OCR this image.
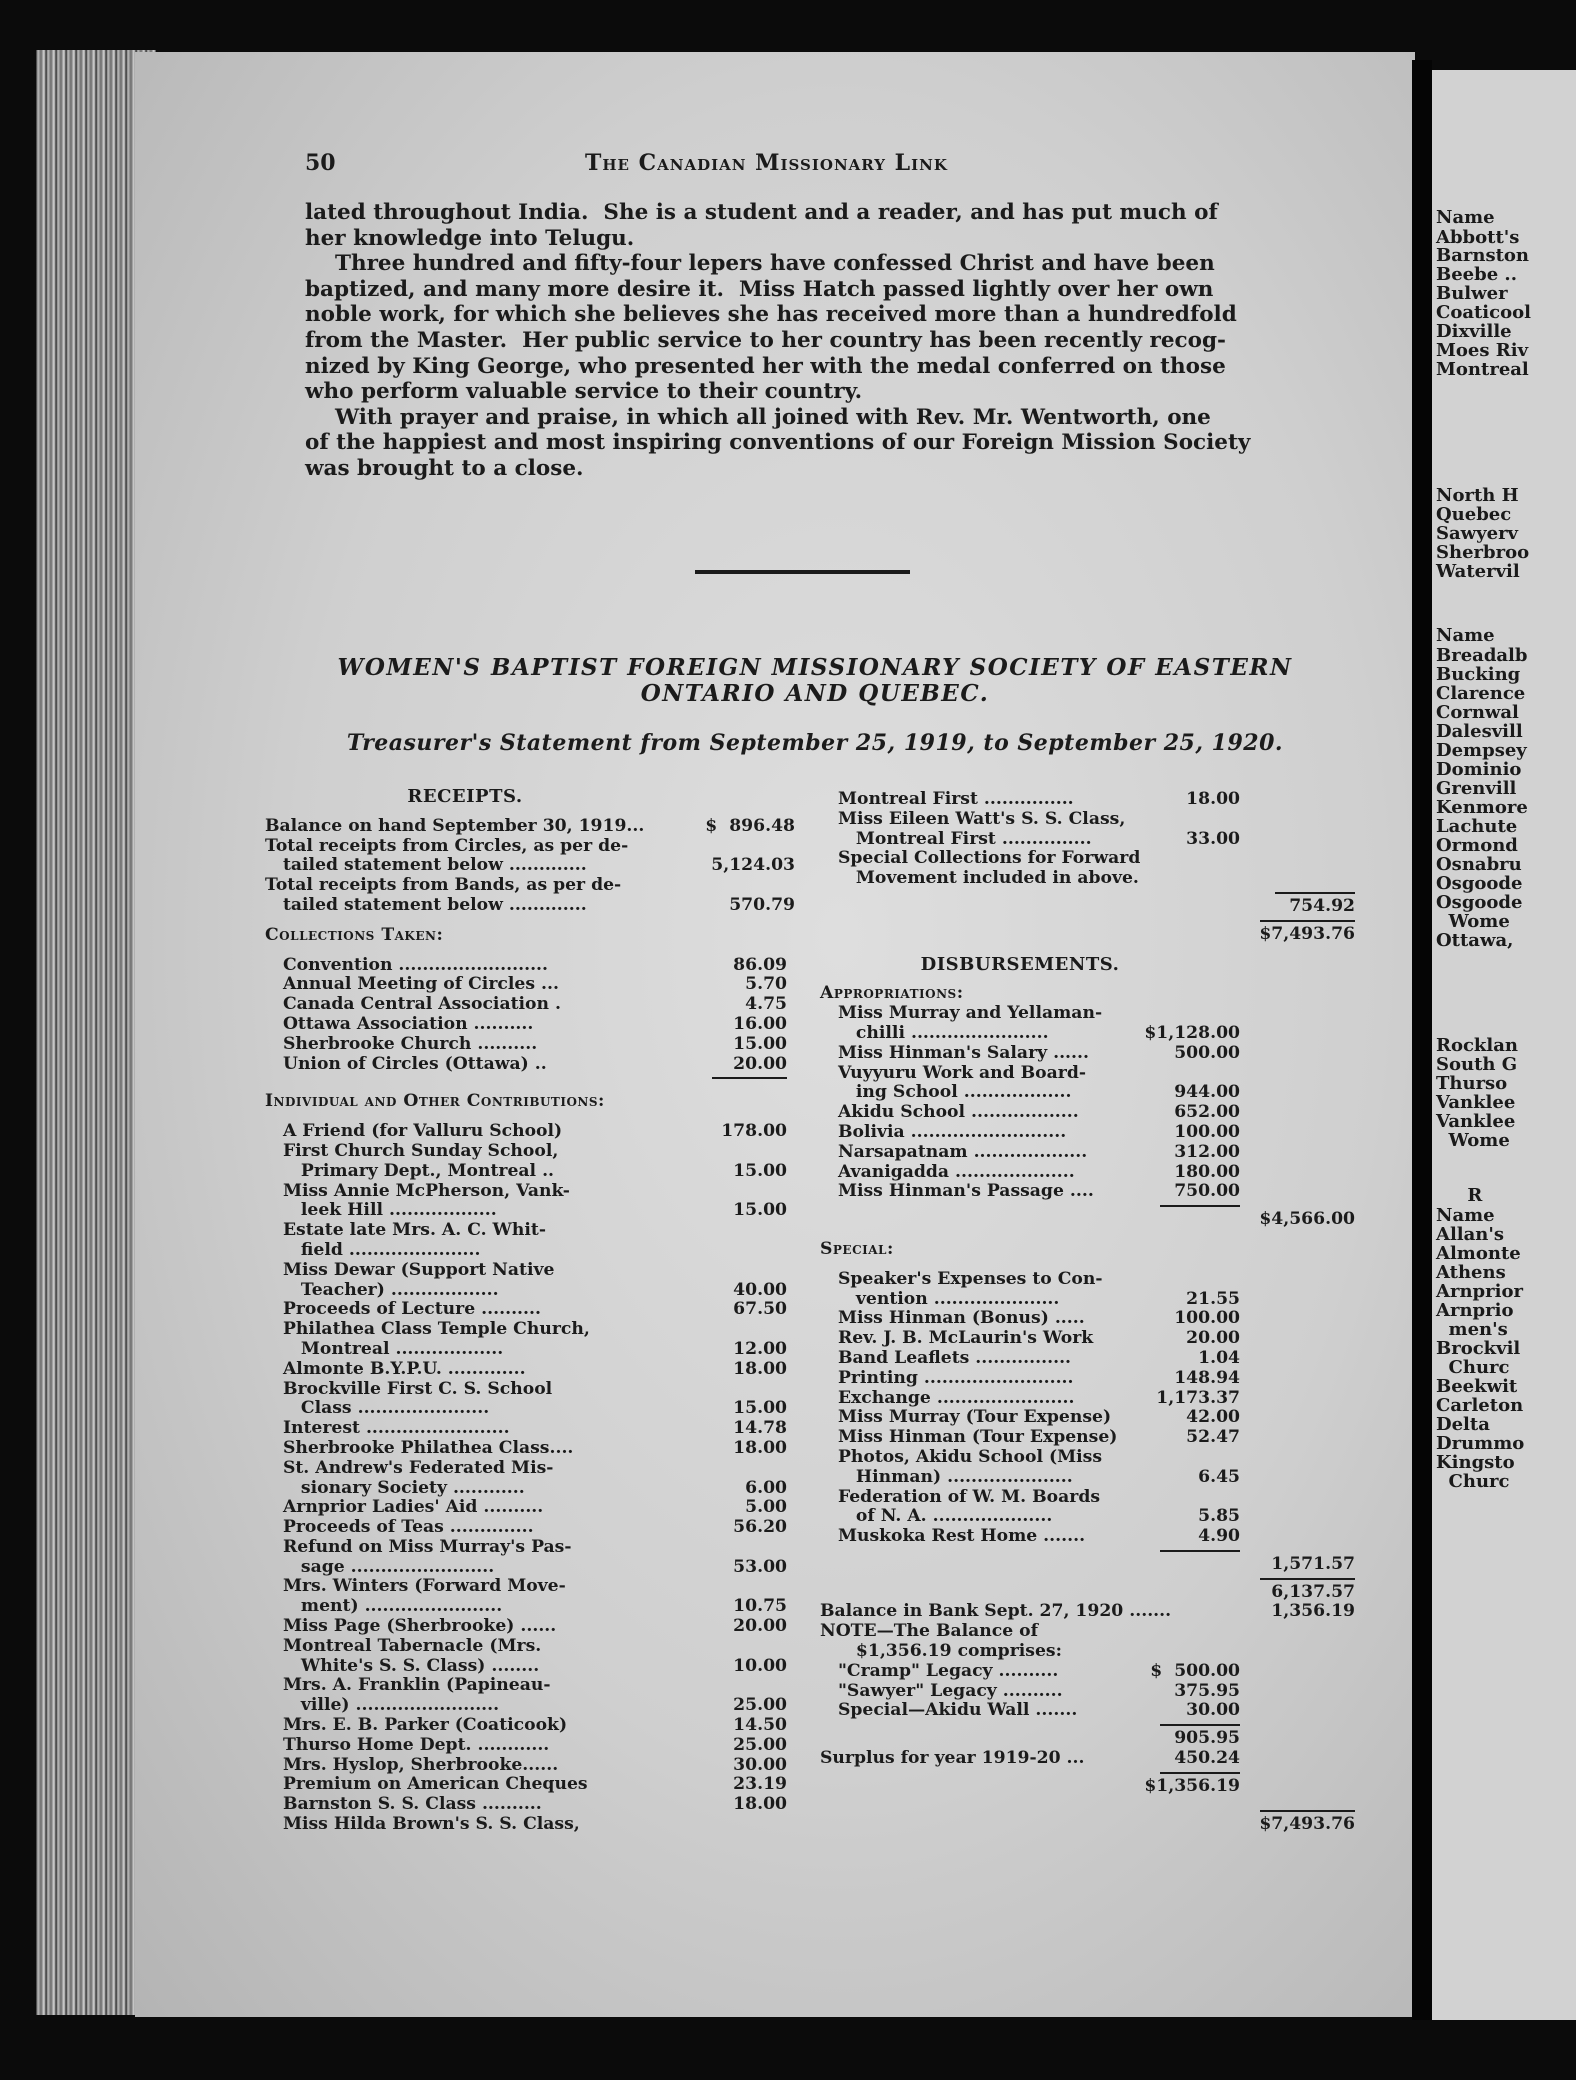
Name
Abbott's
Barnston
Beebe ..
Bulwer
Coaticool
Dixville
Moes Riv
Montreal
North H
Quebec
Sawyerv
Sherbroo
Watervil
Name
Breadalb
Bucking
Clarence
Cornwal
Dalesvill
Dempsey
Dominio
Grenvill
Kenmore
Lachute
Ormond
Osnabru
Osgoode
Osgoode
Wome
Ottawa,
Rocklan
South G
Thurso
Vanklee
Vanklee
Wome
R
Name
Allan's
Almonte
Athens
Arnprior
Arnprio
men's
Brockvil
Churc
Beekwit
Carleton
Delta
Drummo
Kingsto
Churc
50	The Canadian Missionary Link
lated throughout India.  She is a student and a reader, and has put much of
her knowledge into Telugu.
Three hundred and fifty-four lepers have confessed Christ and have been
baptized, and many more desire it.  Miss Hatch passed lightly over her own
noble work, for which she believes she has received more than a hundredfold
from the Master.  Her public service to her country has been recently recog-
nized by King George, who presented her with the medal conferred on those
who perform valuable service to their country.
With prayer and praise, in which all joined with Rev. Mr. Wentworth, one
of the happiest and most inspiring conventions of our Foreign Mission Society
was brought to a close.
WOMEN'S BAPTIST FOREIGN MISSIONARY SOCIETY OF EASTERN
ONTARIO AND QUEBEC.
Treasurer's Statement from September 25, 1919, to September 25, 1920.
RECEIPTS.
Balance on hand September 30, 1919...	$  896.48
Total receipts from Circles, as per de-
tailed statement below .............	5,124.03
Total receipts from Bands, as per de-
tailed statement below .............	570.79
Collections Taken:
Convention .........................	86.09
Annual Meeting of Circles ...	5.70
Canada Central Association .	4.75
Ottawa Association ..........	16.00
Sherbrooke Church ..........	15.00
Union of Circles (Ottawa) ..	20.00
Individual and Other Contributions:
A Friend (for Valluru School)	178.00
First Church Sunday School,
Primary Dept., Montreal ..	15.00
Miss Annie McPherson, Vank-
leek Hill ..................	15.00
Estate late Mrs. A. C. Whit-
field ......................
Miss Dewar (Support Native
Teacher) ..................	40.00
Proceeds of Lecture ..........	67.50
Philathea Class Temple Church,
Montreal ..................	12.00
Almonte B.Y.P.U. .............	18.00
Brockville First C. S. School
Class ......................	15.00
Interest ........................	14.78
Sherbrooke Philathea Class....	18.00
St. Andrew's Federated Mis-
sionary Society ............	6.00
Arnprior Ladies' Aid ..........	5.00
Proceeds of Teas ..............	56.20
Refund on Miss Murray's Pas-
sage ........................	53.00
Mrs. Winters (Forward Move-
ment) .......................	10.75
Miss Page (Sherbrooke) ......	20.00
Montreal Tabernacle (Mrs.
White's S. S. Class) ........	10.00
Mrs. A. Franklin (Papineau-
ville) ........................	25.00
Mrs. E. B. Parker (Coaticook)	14.50
Thurso Home Dept. ............	25.00
Mrs. Hyslop, Sherbrooke......	30.00
Premium on American Cheques	23.19
Barnston S. S. Class ..........	18.00
Miss Hilda Brown's S. S. Class,
Montreal First ...............	18.00
Miss Eileen Watt's S. S. Class,
Montreal First ...............	33.00
Special Collections for Forward
Movement included in above.
754.92
$7,493.76
DISBURSEMENTS.
Appropriations:
Miss Murray and Yellaman-
chilli .......................	$1,128.00
Miss Hinman's Salary ......	500.00
Vuyyuru Work and Board-
ing School ..................	944.00
Akidu School ..................	652.00
Bolivia ..........................	100.00
Narsapatnam ...................	312.00
Avanigadda ....................	180.00
Miss Hinman's Passage ....	750.00
$4,566.00
Special:
Speaker's Expenses to Con-
vention .....................	21.55
Miss Hinman (Bonus) .....	100.00
Rev. J. B. McLaurin's Work	20.00
Band Leaflets ................	1.04
Printing .........................	148.94
Exchange .......................	1,173.37
Miss Murray (Tour Expense)	42.00
Miss Hinman (Tour Expense)	52.47
Photos, Akidu School (Miss
Hinman) .....................	6.45
Federation of W. M. Boards
of N. A. ....................	5.85
Muskoka Rest Home .......	4.90
1,571.57
6,137.57
Balance in Bank Sept. 27, 1920 .......	1,356.19
NOTE—The Balance of
$1,356.19 comprises:
"Cramp" Legacy ..........	$  500.00
"Sawyer" Legacy ..........	375.95
Special—Akidu Wall .......	30.00
905.95
Surplus for year 1919-20 ...	450.24
$1,356.19
$7,493.76
